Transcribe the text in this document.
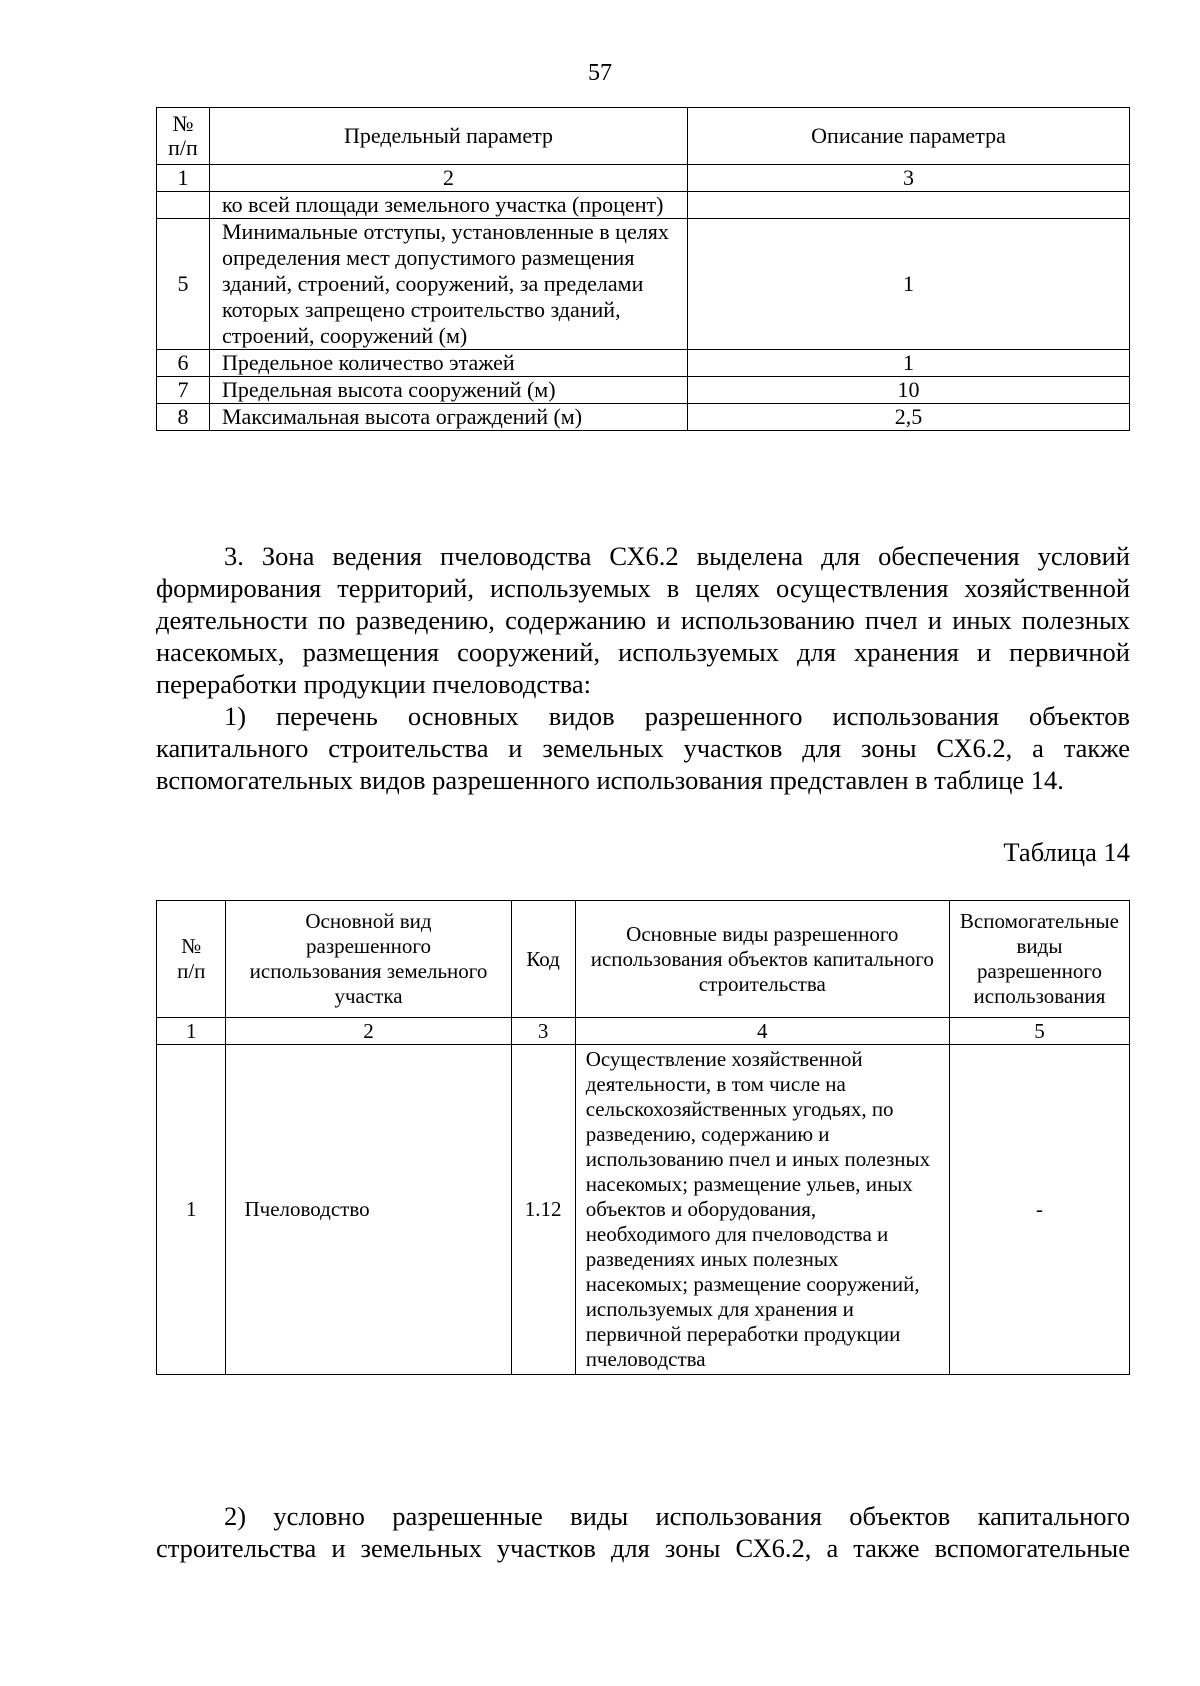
57
№
п/п	Предельный параметр	Описание параметра
1	2	3
	ко всей площади земельного участка (процент)	
5	Минимальные отступы, установленные в целях определения мест допустимого размещения зданий, строений, сооружений, за пределами которых запрещено строительство зданий, строений, сооружений (м)	1
6	Предельное количество этажей	1
7	Предельная высота сооружений (м)	10
8	Максимальная высота ограждений (м)	2,5

3. Зона ведения пчеловодства СХ6.2 выделена для обеспечения условий формирования территорий, используемых в целях осуществления хозяйственной деятельности по разведению, содержанию и использованию пчел и иных полезных насекомых, размещения сооружений, используемых для хранения и первичной переработки продукции пчеловодства:

1) перечень основных видов разрешенного использования объектов капитального строительства и земельных участков для зоны СХ6.2, а также вспомогательных видов разрешенного использования представлен в таблице 14.

Таблица 14
№
п/п	Основной вид разрешенного использования земельного участка	Код	Основные виды разрешенного использования объектов капитального строительства	Вспомогательные виды разрешенного использования
1	2	3	4	5
1	Пчеловодство	1.12	Осуществление хозяйственной деятельности, в том числе на сельскохозяйственных угодьях, по разведению, содержанию и использованию пчел и иных полезных насекомых; размещение ульев, иных объектов и оборудования, необходимого для пчеловодства и разведениях иных полезных насекомых; размещение сооружений, используемых для хранения и первичной переработки продукции пчеловодства	-

2) условно разрешенные виды использования объектов капитального строительства и земельных участков для зоны СХ6.2, а также вспомогательные
